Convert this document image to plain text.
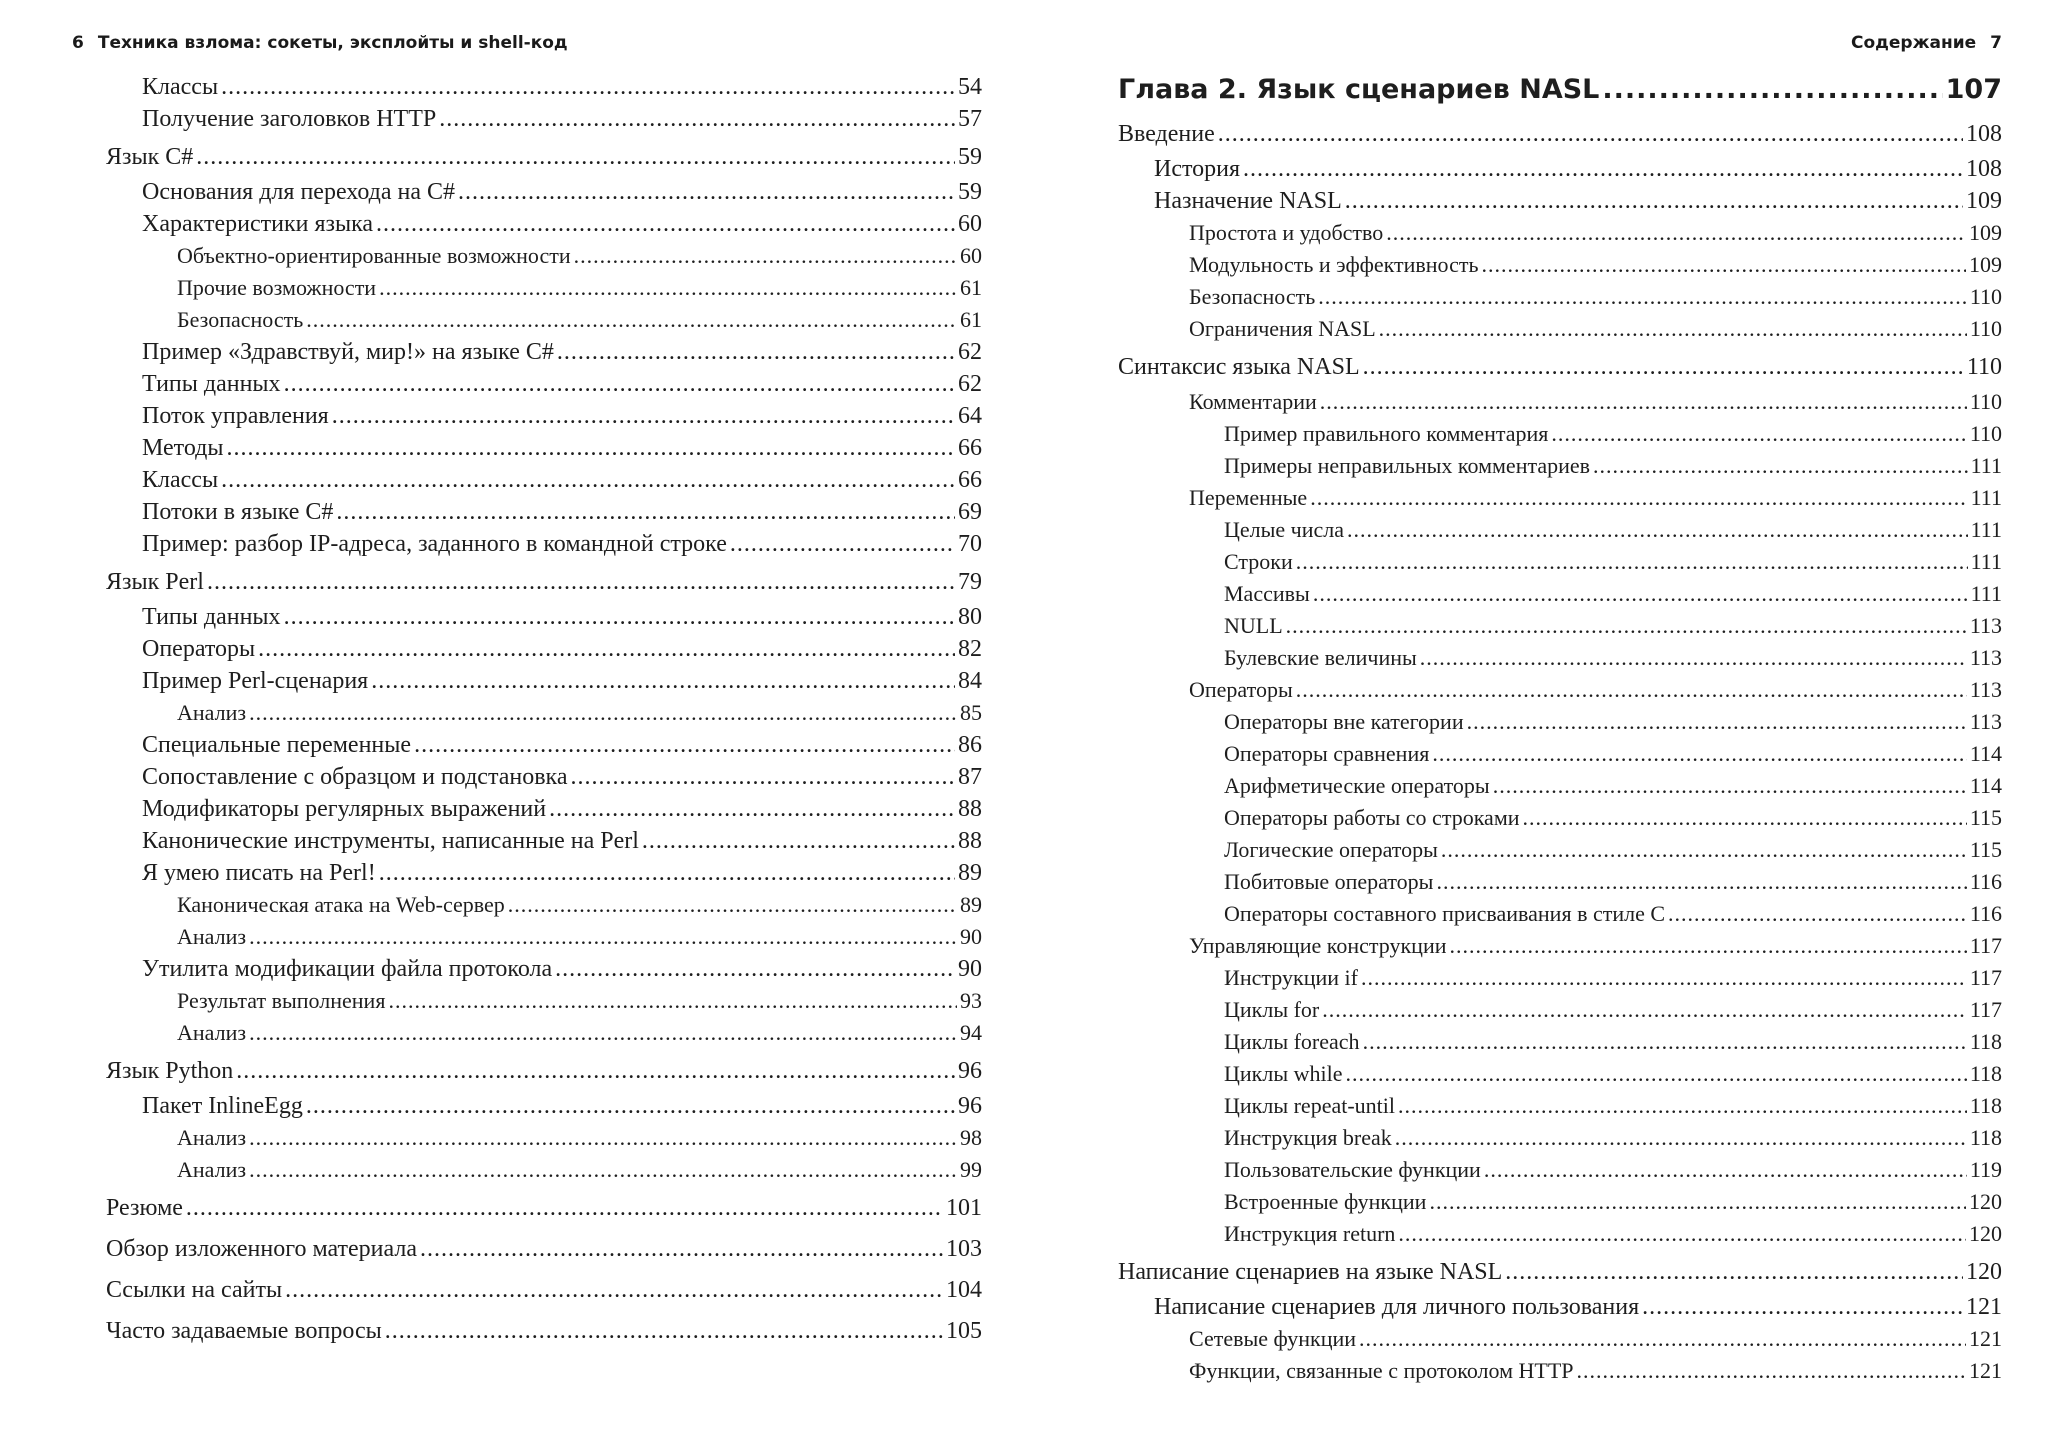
6 Техника взлома: сокеты, эксплойты и shell-код
Классы .....	54
Получение заголовков HTTP .....	57
Язык C# .....	59
Основания для перехода на C# .....	59
Характеристики языка .....	60
Объектно-ориентированные возможности .....	60
Прочие возможности .....	61
Безопасность .....	61
Пример «Здравствуй, мир!» на языке C# .....	62
Типы данных .....	62
Поток управления .....	64
Методы .....	66
Классы .....	66
Потоки в языке C# .....	69
Пример: разбор IP-адреса, заданного в командной строке .....	70
Язык Perl .....	79
Типы данных .....	80
Операторы .....	82
Пример Perl-сценария .....	84
Анализ .....	85
Специальные переменные .....	86
Сопоставление с образцом и подстановка .....	87
Модификаторы регулярных выражений .....	88
Канонические инструменты, написанные на Perl .....	88
Я умею писать на Perl! .....	89
Каноническая атака на Web-сервер .....	89
Анализ .....	90
Утилита модификации файла протокола .....	90
Результат выполнения .....	93
Анализ .....	94
Язык Python .....	96
Пакет InlineEgg .....	96
Анализ .....	98
Анализ .....	99
Резюме .....	101
Обзор изложенного материала .....	103
Ссылки на сайты .....	104
Часто задаваемые вопросы .....	105
Содержание 7
Глава 2. Язык сценариев NASL .....	107
Введение .....	108
История .....	108
Назначение NASL .....	109
Простота и удобство .....	109
Модульность и эффективность .....	109
Безопасность .....	110
Ограничения NASL .....	110
Синтаксис языка NASL .....	110
Комментарии .....	110
Пример правильного комментария .....	110
Примеры неправильных комментариев .....	111
Переменные .....	111
Целые числа .....	111
Строки .....	111
Массивы .....	111
NULL .....	113
Булевские величины .....	113
Операторы .....	113
Операторы вне категории .....	113
Операторы сравнения .....	114
Арифметические операторы .....	114
Операторы работы со строками .....	115
Логические операторы .....	115
Побитовые операторы .....	116
Операторы составного присваивания в стиле C .....	116
Управляющие конструкции .....	117
Инструкции if .....	117
Циклы for .....	117
Циклы foreach .....	118
Циклы while .....	118
Циклы repeat-until .....	118
Инструкция break .....	118
Пользовательские функции .....	119
Встроенные функции .....	120
Инструкция return .....	120
Написание сценариев на языке NASL .....	120
Написание сценариев для личного пользования .....	121
Сетевые функции .....	121
Функции, связанные с протоколом HTTP .....	121
